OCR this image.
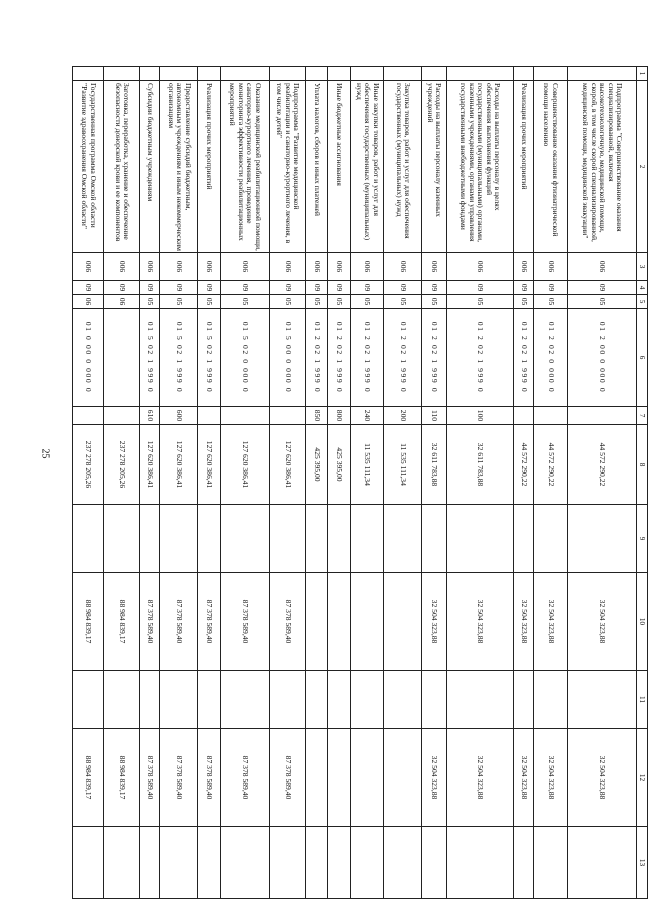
25
1	2	3	4	5	6	7	8	9	10	11	12	13
	Подпрограмма "Совершенствование оказания специализированной, включая высокотехнологичную, медицинской помощи, скорой, в том числе скорой специализированной, медицинской помощи, медицинской эвакуации"	006	09	05	01 2 00 0 000 0		44 572 290,22		32 504 323,88		32 504 323,88	
	Совершенствование оказания фтизиатрической помощи населению	006	09	05	01 2 02 0 000 0		44 572 290,22		32 504 323,88		32 504 323,88	
	Реализация прочих мероприятий	006	09	05	01 2 02 1 999 0		44 572 290,22		32 504 323,88		32 504 323,88	
	Расходы на выплаты персоналу в целях обеспечения выполнения функций государственными (муниципальными) органами, казенными учреждениями, органами управления государственными внебюджетными фондами	006	09	05	01 2 02 1 999 0	100	32 611 783,88		32 504 323,88		32 504 323,88	
	Расходы на выплаты персоналу казенных учреждений	006	09	05	01 2 02 1 999 0	110	32 611 783,88		32 504 323,88		32 504 323,88	
	Закупка товаров, работ и услуг для обеспечения государственных (муниципальных) нужд	006	09	05	01 2 02 1 999 0	200	11 535 111,34					
	Иные закупки товаров, работ и услуг для обеспечения государственных (муниципальных) нужд	006	09	05	01 2 02 1 999 0	240	11 535 111,34					
	Иные бюджетные ассигнования	006	09	05	01 2 02 1 999 0	800	425 395,00					
	Уплата налогов, сборов и иных платежей	006	09	05	01 2 02 1 999 0	850	425 395,00					
	Подпрограмма "Развитие медицинской реабилитации и санаторно-курортного лечения, в том числе детей"	006	09	05	01 5 00 0 000 0		127 620 386,41		87 378 589,40		87 378 589,40	
	Оказание медицинской реабилитационной помощи, санаторно-курортного лечения, проведение мониторинга эффективности реабилитационных мероприятий	006	09	05	01 5 02 0 000 0		127 620 386,41		87 378 589,40		87 378 589,40	
	Реализация прочих мероприятий	006	09	05	01 5 02 1 999 0		127 620 386,41		87 378 589,40		87 378 589,40	
	Предоставление субсидий бюджетным, автономным учреждениям и иным некоммерческим организациям	006	09	05	01 5 02 1 999 0	600	127 620 386,41		87 378 589,40		87 378 589,40	
	Субсидии бюджетным учреждениям	006	09	05	01 5 02 1 999 0	610	127 620 386,41		87 378 589,40		87 378 589,40	
	Заготовка, переработка, хранение и обеспечение безопасности донорской крови и ее компонентов	006	09	06			237 278 205,26		88 984 839,17		88 984 839,17	
	Государственная программа Омской области "Развитие здравоохранения Омской области"	006	09	06	01 0 00 0 000 0		237 278 205,26		88 984 839,17		88 984 839,17	
